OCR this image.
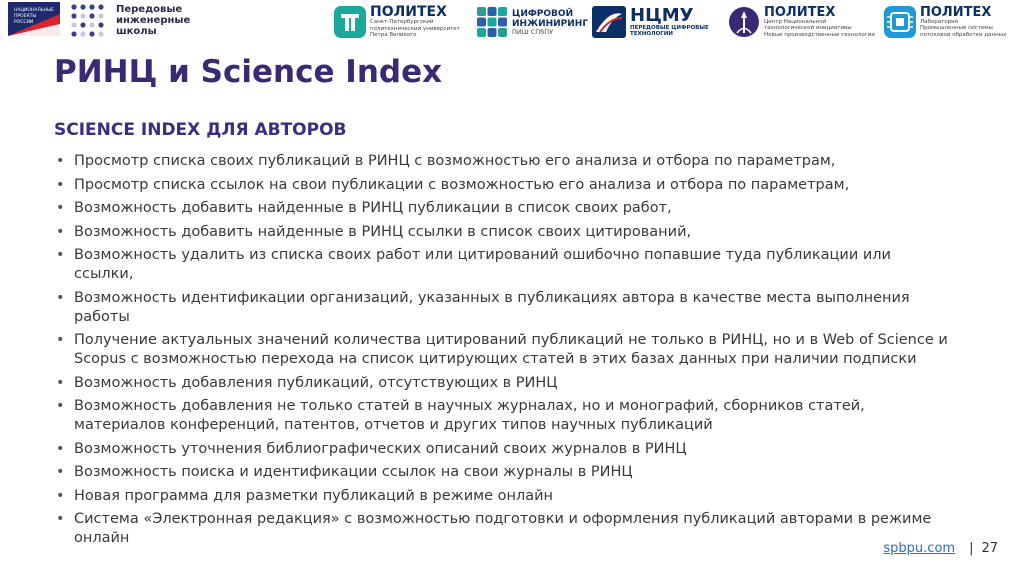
НАЦИОНАЛЬНЫЕ
ПРОЕКТЫ
РОССИИ
Передовые
инженерные
школы
ПОЛИТЕХ
Санкт-Петербургский
политехнический университет
Петра Великого
ЦИФРОВОЙ
ИНЖИНИРИНГ
ПИШ СПбПУ
НЦМУ
ПЕРЕДОВЫЕ ЦИФРОВЫЕ
ТЕХНОЛОГИИ
ПОЛИТЕХ
Центр Национальной
технологической инициативы
Новые производственные технологии
ПОЛИТЕХ
Лаборатория
Промышленные системы
потоковой обработки данных
РИНЦ и Science Index
SCIENCE INDEX ДЛЯ АВТОРОВ
• Просмотр списка своих публикаций в РИНЦ с возможностью его анализа и отбора по параметрам,
• Просмотр списка ссылок на свои публикации с возможностью его анализа и отбора по параметрам,
• Возможность добавить найденные в РИНЦ публикации в список своих работ,
• Возможность добавить найденные в РИНЦ ссылки в список своих цитирований,
• Возможность удалить из списка своих работ или цитирований ошибочно попавшие туда публикации или ссылки,
• Возможность идентификации организаций, указанных в публикациях автора в качестве места выполнения работы
• Получение актуальных значений количества цитирований публикаций не только в РИНЦ, но и в Web of Science и Scopus с возможностью перехода на список цитирующих статей в этих базах данных при наличии подписки
• Возможность добавления публикаций, отсутствующих в РИНЦ
• Возможность добавления не только статей в научных журналах, но и монографий, сборников статей, материалов конференций, патентов, отчетов и других типов научных публикаций
• Возможность уточнения библиографических описаний своих журналов в РИНЦ
• Возможность поиска и идентификации ссылок на свои журналы в РИНЦ
• Новая программа для разметки публикаций в режиме онлайн
• Система «Электронная редакция» с возможностью подготовки и оформления публикаций авторами в режиме онлайн
spbpu.com | 27
